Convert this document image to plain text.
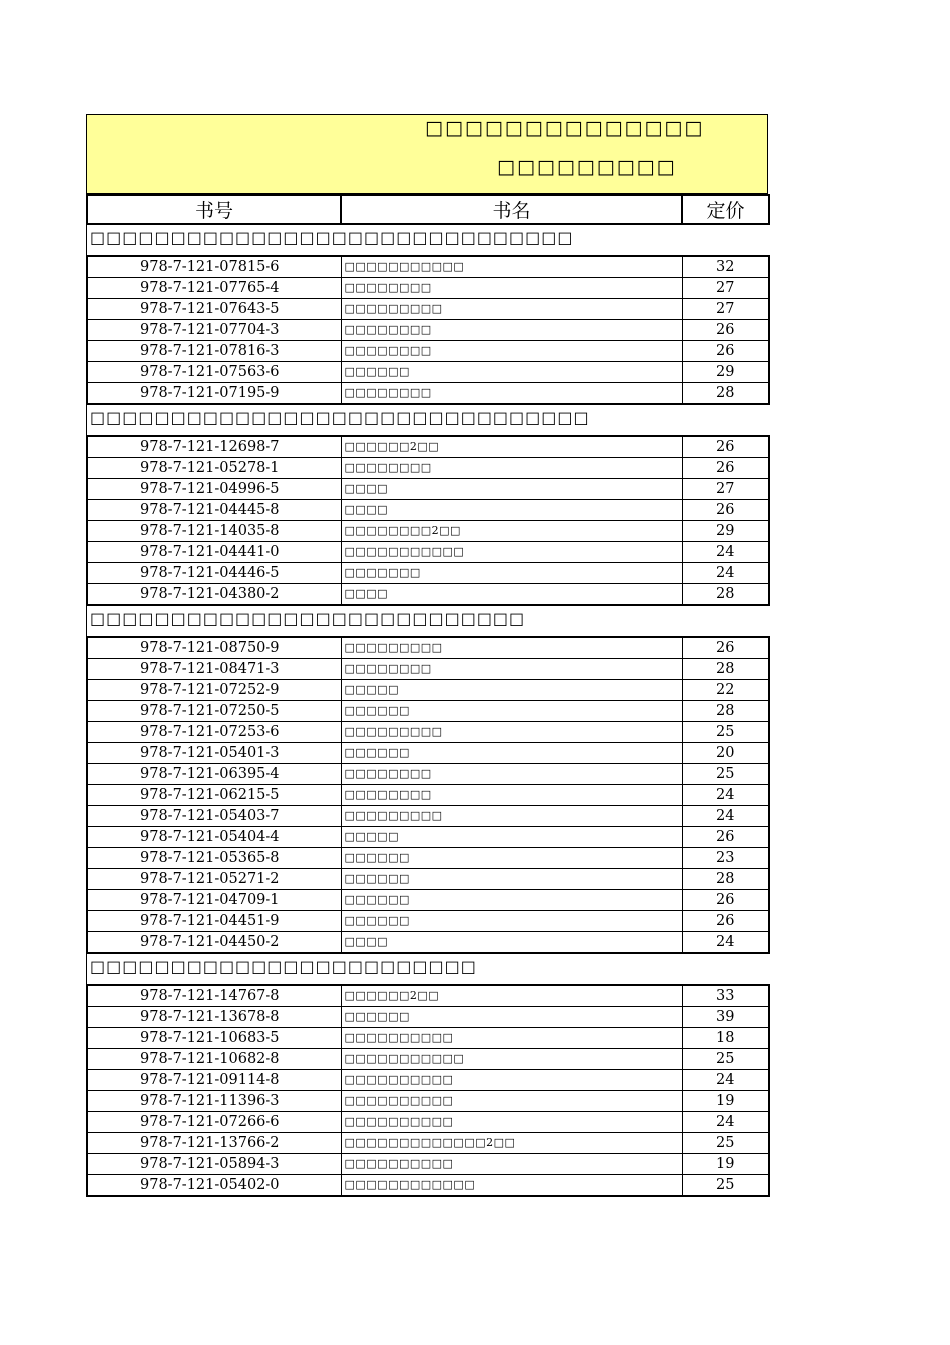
□□□□□□□□□□□□□□
□□□□□□□□□
书号	书名	定价
□□□□□□□□□□□□□□□□□□□□□□□□□□□□□□
978-7-121-07815-6	□□□□□□□□□□□	32
978-7-121-07765-4	□□□□□□□□	27
978-7-121-07643-5	□□□□□□□□□	27
978-7-121-07704-3	□□□□□□□□	26
978-7-121-07816-3	□□□□□□□□	26
978-7-121-07563-6	□□□□□□	29
978-7-121-07195-9	□□□□□□□□	28
□□□□□□□□□□□□□□□□□□□□□□□□□□□□□□□
978-7-121-12698-7	□□□□□□2□□	26
978-7-121-05278-1	□□□□□□□□	26
978-7-121-04996-5	□□□□	27
978-7-121-04445-8	□□□□	26
978-7-121-14035-8	□□□□□□□□2□□	29
978-7-121-04441-0	□□□□□□□□□□□	24
978-7-121-04446-5	□□□□□□□	24
978-7-121-04380-2	□□□□	28
□□□□□□□□□□□□□□□□□□□□□□□□□□□
978-7-121-08750-9	□□□□□□□□□	26
978-7-121-08471-3	□□□□□□□□	28
978-7-121-07252-9	□□□□□	22
978-7-121-07250-5	□□□□□□	28
978-7-121-07253-6	□□□□□□□□□	25
978-7-121-05401-3	□□□□□□	20
978-7-121-06395-4	□□□□□□□□	25
978-7-121-06215-5	□□□□□□□□	24
978-7-121-05403-7	□□□□□□□□□	24
978-7-121-05404-4	□□□□□	26
978-7-121-05365-8	□□□□□□	23
978-7-121-05271-2	□□□□□□	28
978-7-121-04709-1	□□□□□□	26
978-7-121-04451-9	□□□□□□	26
978-7-121-04450-2	□□□□	24
□□□□□□□□□□□□□□□□□□□□□□□□
978-7-121-14767-8	□□□□□□2□□	33
978-7-121-13678-8	□□□□□□	39
978-7-121-10683-5	□□□□□□□□□□	18
978-7-121-10682-8	□□□□□□□□□□□	25
978-7-121-09114-8	□□□□□□□□□□	24
978-7-121-11396-3	□□□□□□□□□□	19
978-7-121-07266-6	□□□□□□□□□□	24
978-7-121-13766-2	□□□□□□□□□□□□□2□□	25
978-7-121-05894-3	□□□□□□□□□□	19
978-7-121-05402-0	□□□□□□□□□□□□	25
